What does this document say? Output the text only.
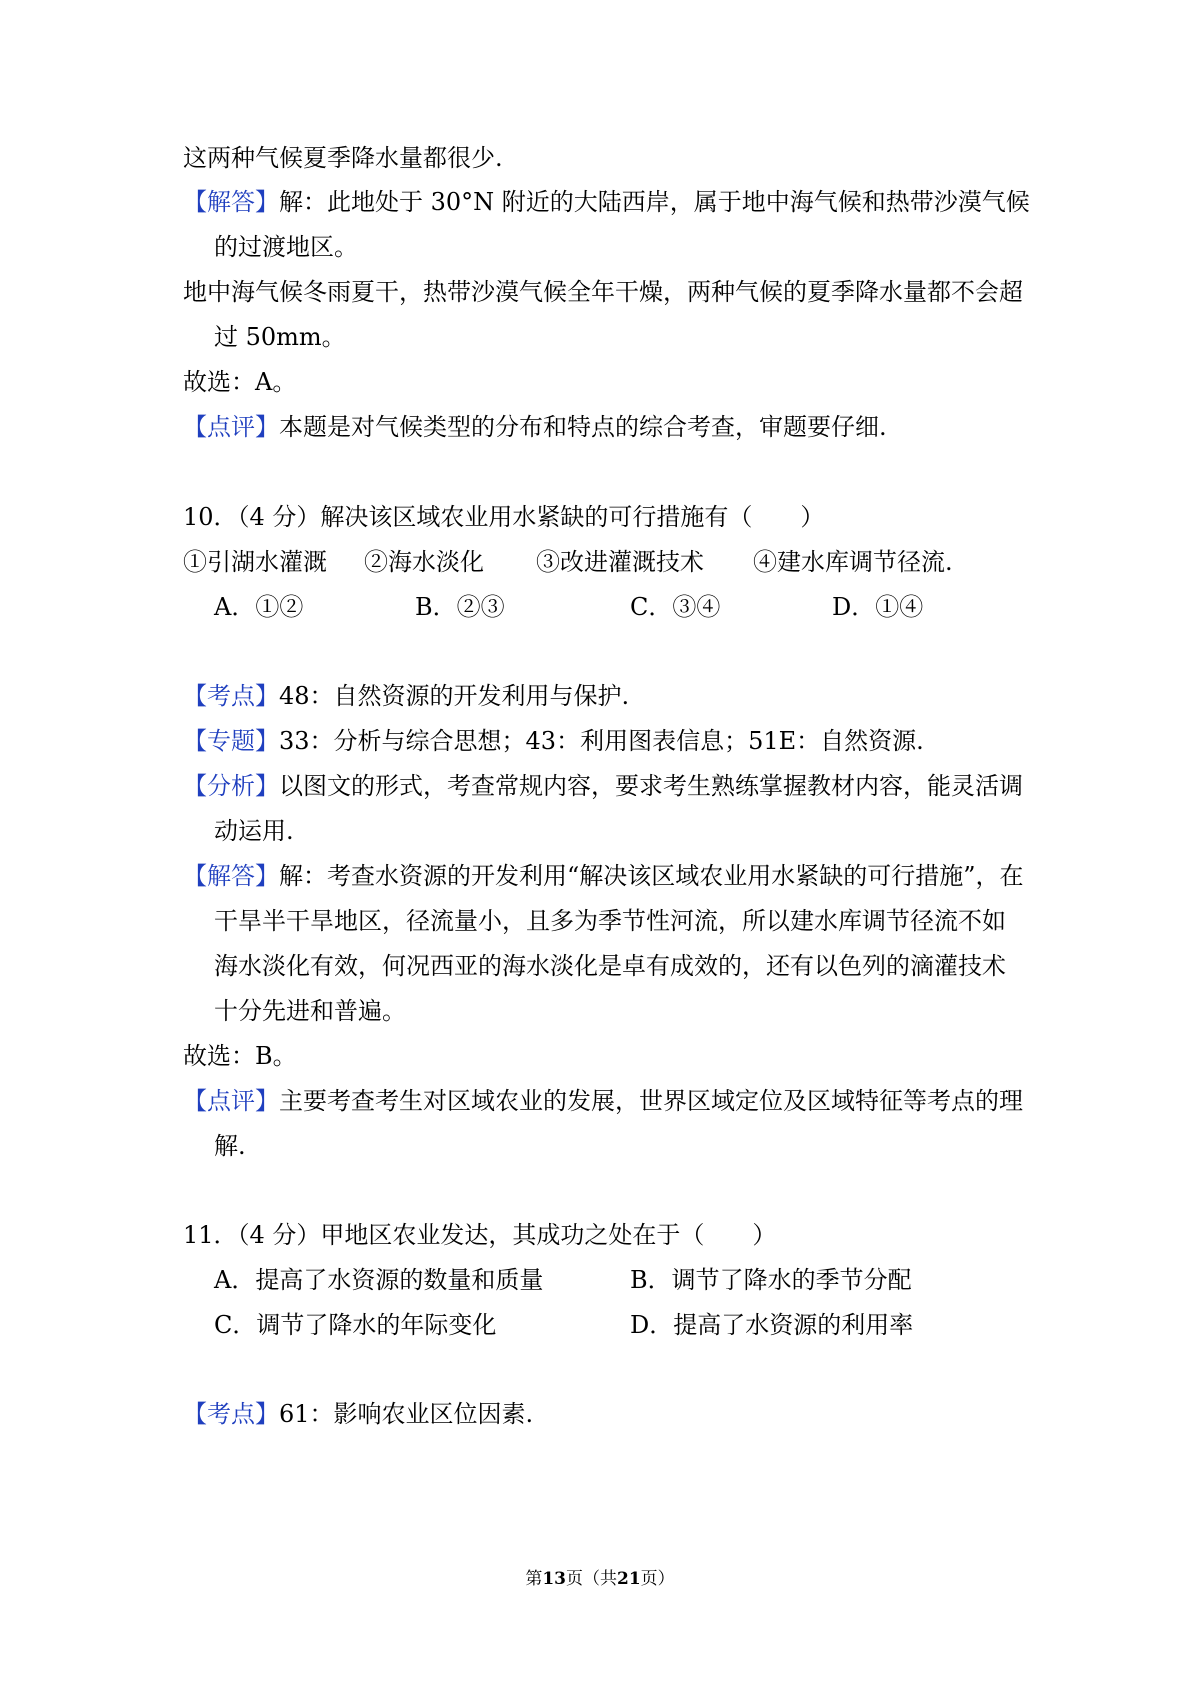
这两种气候夏季降水量都很少.
【解答】解：此地处于 30°N 附近的大陆西岸，属于地中海气候和热带沙漠气候
的过渡地区。
地中海气候冬雨夏干，热带沙漠气候全年干燥，两种气候的夏季降水量都不会超
过 50mm。
故选：A。
【点评】本题是对气候类型的分布和特点的综合考查，审题要仔细.
10．（4 分）解决该区域农业用水紧缺的可行措施有（　　）
①引湖水灌溉 ②海水淡化 ③改进灌溉技术 ④建水库调节径流.
A．①②	B．②③	C．③④	D．①④
【考点】48：自然资源的开发利用与保护.
【专题】33：分析与综合思想；43：利用图表信息；51E：自然资源.
【分析】以图文的形式，考查常规内容，要求考生熟练掌握教材内容，能灵活调
动运用.
【解答】解：考查水资源的开发利用“解决该区域农业用水紧缺的可行措施”，在
干旱半干旱地区，径流量小，且多为季节性河流，所以建水库调节径流不如
海水淡化有效，何况西亚的海水淡化是卓有成效的，还有以色列的滴灌技术
十分先进和普遍。
故选：B。
【点评】主要考查考生对区域农业的发展，世界区域定位及区域特征等考点的理
解.
11．（4 分）甲地区农业发达，其成功之处在于（　　）
A．提高了水资源的数量和质量	B．调节了降水的季节分配
C．调节了降水的年际变化	D．提高了水资源的利用率
【考点】61：影响农业区位因素.
第13页（共21页）
